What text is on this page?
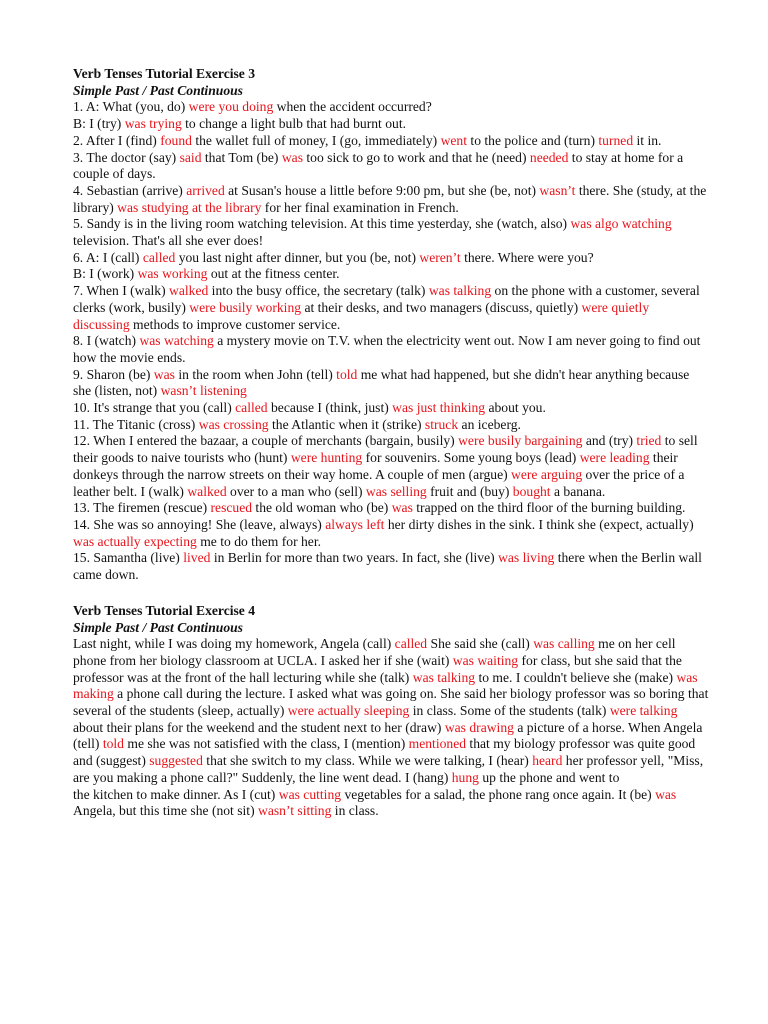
Verb Tenses Tutorial Exercise 3
Simple Past / Past Continuous

1. A: What (you, do) were you doing when the accident occurred?

B: I (try) was trying to change a light bulb that had burnt out.

2. After I (find) found the wallet full of money, I (go, immediately) went to the police and (turn) turned it in.

3. The doctor (say) said that Tom (be) was too sick to go to work and that he (need) needed to stay at home for a couple of days.

4. Sebastian (arrive) arrived at Susan's house a little before 9:00 pm, but she (be, not) wasn’t there. She (study, at the library) was studying at the library for her final examination in French.

5. Sandy is in the living room watching television. At this time yesterday, she (watch, also) was algo watching television. That's all she ever does!

6. A: I (call) called you last night after dinner, but you (be, not) weren’t there. Where were you?

B: I (work) was working out at the fitness center.

7. When I (walk) walked into the busy office, the secretary (talk) was talking on the phone with a customer, several clerks (work, busily) were busily working at their desks, and two managers (discuss, quietly) were quietly discussing methods to improve customer service.

8. I (watch) was watching a mystery movie on T.V. when the electricity went out. Now I am never going to find out how the movie ends.

9. Sharon (be) was in the room when John (tell) told me what had happened, but she didn't hear anything because she (listen, not) wasn’t listening

10. It's strange that you (call) called because I (think, just) was just thinking about you.

11. The Titanic (cross) was crossing the Atlantic when it (strike) struck an iceberg.

12. When I entered the bazaar, a couple of merchants (bargain, busily) were busily bargaining and (try) tried to sell their goods to naive tourists who (hunt) were hunting for souvenirs. Some young boys (lead) were leading their donkeys through the narrow streets on their way home. A couple of men (argue) were arguing over the price of a leather belt. I (walk) walked over to a man who (sell) was selling fruit and (buy) bought a banana.

13. The firemen (rescue) rescued the old woman who (be) was trapped on the third floor of the burning building.

14. She was so annoying! She (leave, always) always left her dirty dishes in the sink. I think she (expect, actually) was actually expecting me to do them for her.

15. Samantha (live) lived in Berlin for more than two years. In fact, she (live) was living there when the Berlin wall came down.

Verb Tenses Tutorial Exercise 4
Simple Past / Past Continuous

Last night, while I was doing my homework, Angela (call) called She said she (call) was calling me on her cell phone from her biology classroom at UCLA. I asked her if she (wait) was waiting for class, but she said that the professor was at the front of the hall lecturing while she (talk) was talking to me. I couldn't believe she (make) was making a phone call during the lecture. I asked what was going on. She said her biology professor was so boring that several of the students (sleep, actually) were actually sleeping in class. Some of the students (talk) were talking about their plans for the weekend and the student next to her (draw) was drawing a picture of a horse. When Angela (tell) told me she was not satisfied with the class, I (mention) mentioned that my biology professor was quite good and (suggest) suggested that she switch to my class. While we were talking, I (hear) heard her professor yell, "Miss, are you making a phone call?" Suddenly, the line went dead. I (hang) hung up the phone and went to

the kitchen to make dinner. As I (cut) was cutting vegetables for a salad, the phone rang once again. It (be) was Angela, but this time she (not sit) wasn’t sitting in class.
